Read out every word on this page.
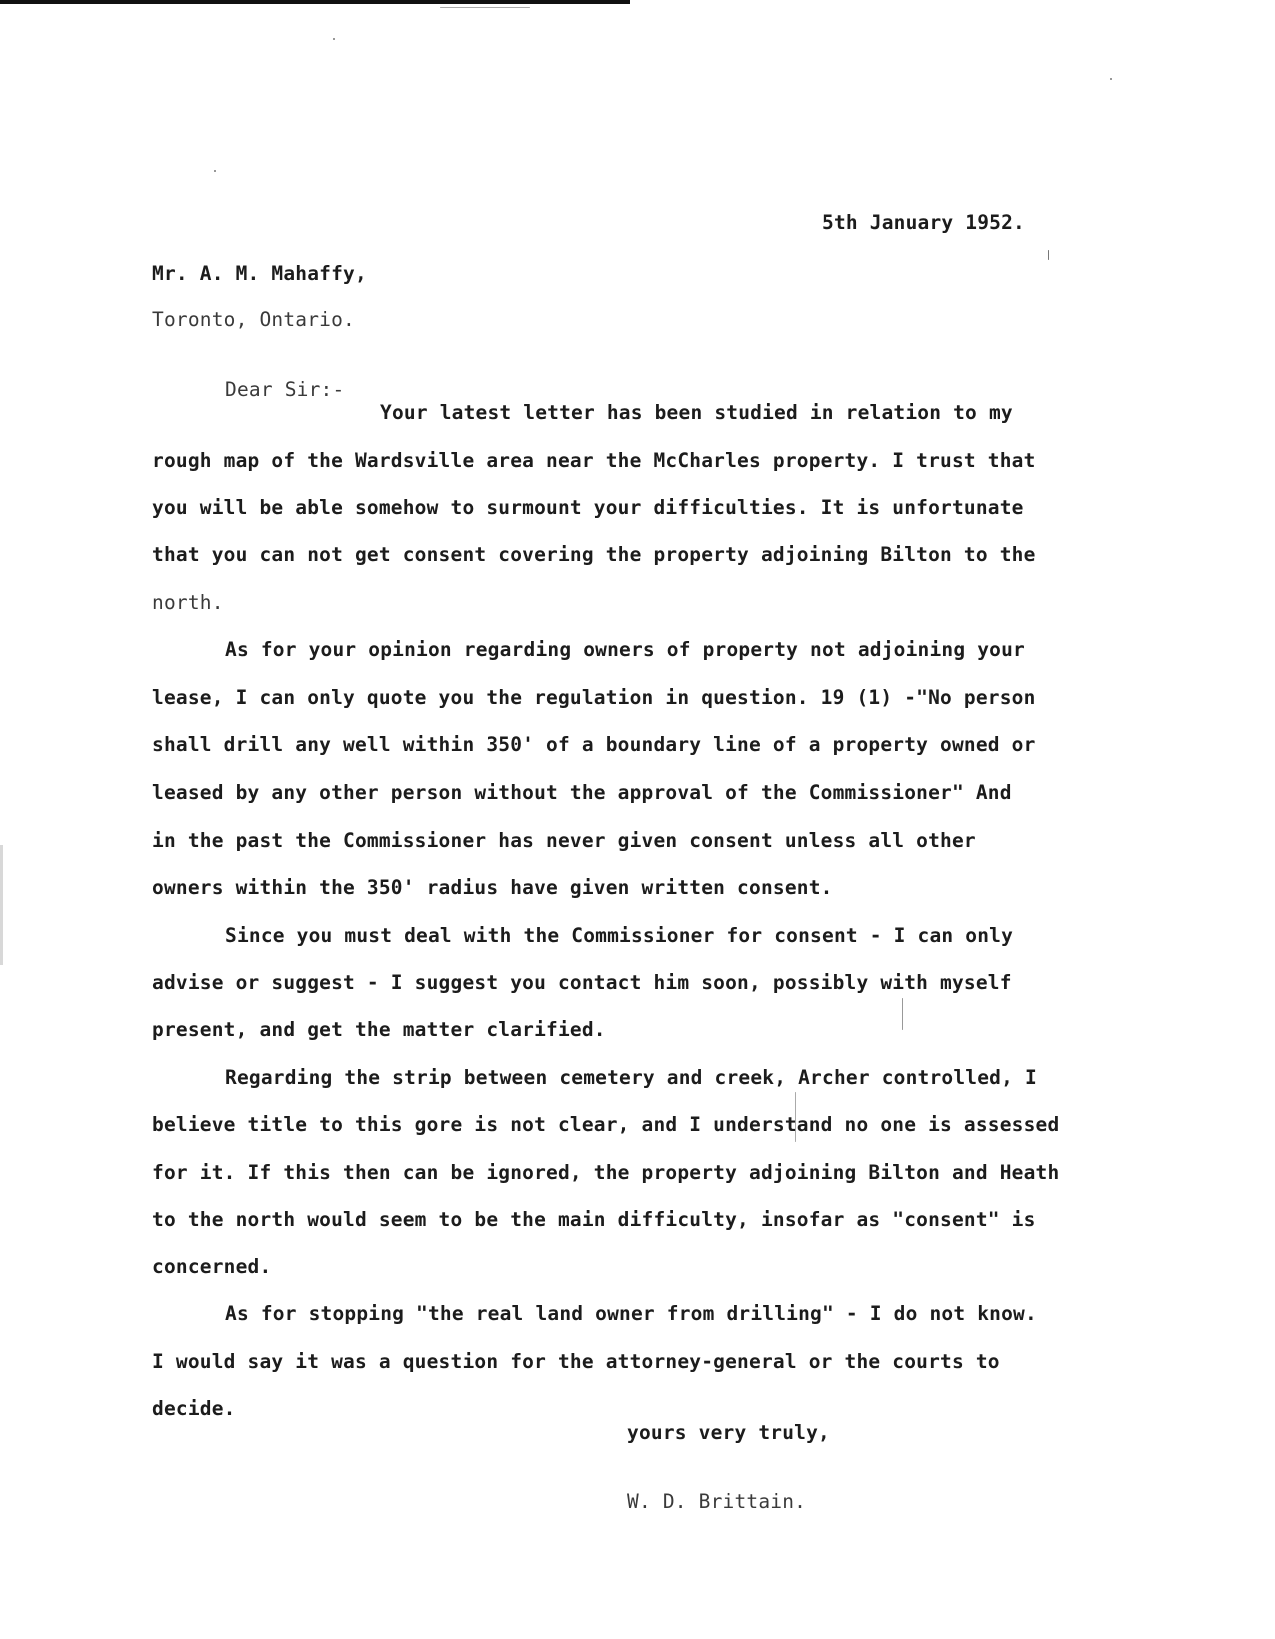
5th January 1952.
Mr. A. M. Mahaffy,
Toronto, Ontario.
Dear Sir:-
Your latest letter has been studied in relation to my
rough map of the Wardsville area near the McCharles property. I trust that
you will be able somehow to surmount your difficulties. It is unfortunate
that you can not get consent covering the property adjoining Bilton to the
north.
As for your opinion regarding owners of property not adjoining your
lease, I can only quote you the regulation in question. 19 (1) -"No person
shall drill any well within 350' of a boundary line of a property owned or
leased by any other person without the approval of the Commissioner" And
in the past the Commissioner has never given consent unless all other
owners within the 350' radius have given written consent.
Since you must deal with the Commissioner for consent - I can only
advise or suggest - I suggest you contact him soon, possibly with myself
present, and get the matter clarified.
Regarding the strip between cemetery and creek, Archer controlled, I
believe title to this gore is not clear, and I understand no one is assessed
for it. If this then can be ignored, the property adjoining Bilton and Heath
to the north would seem to be the main difficulty, insofar as "consent" is
concerned.
As for stopping "the real land owner from drilling" - I do not know.
I would say it was a question for the attorney-general or the courts to
decide.
yours very truly,
W. D. Brittain.
